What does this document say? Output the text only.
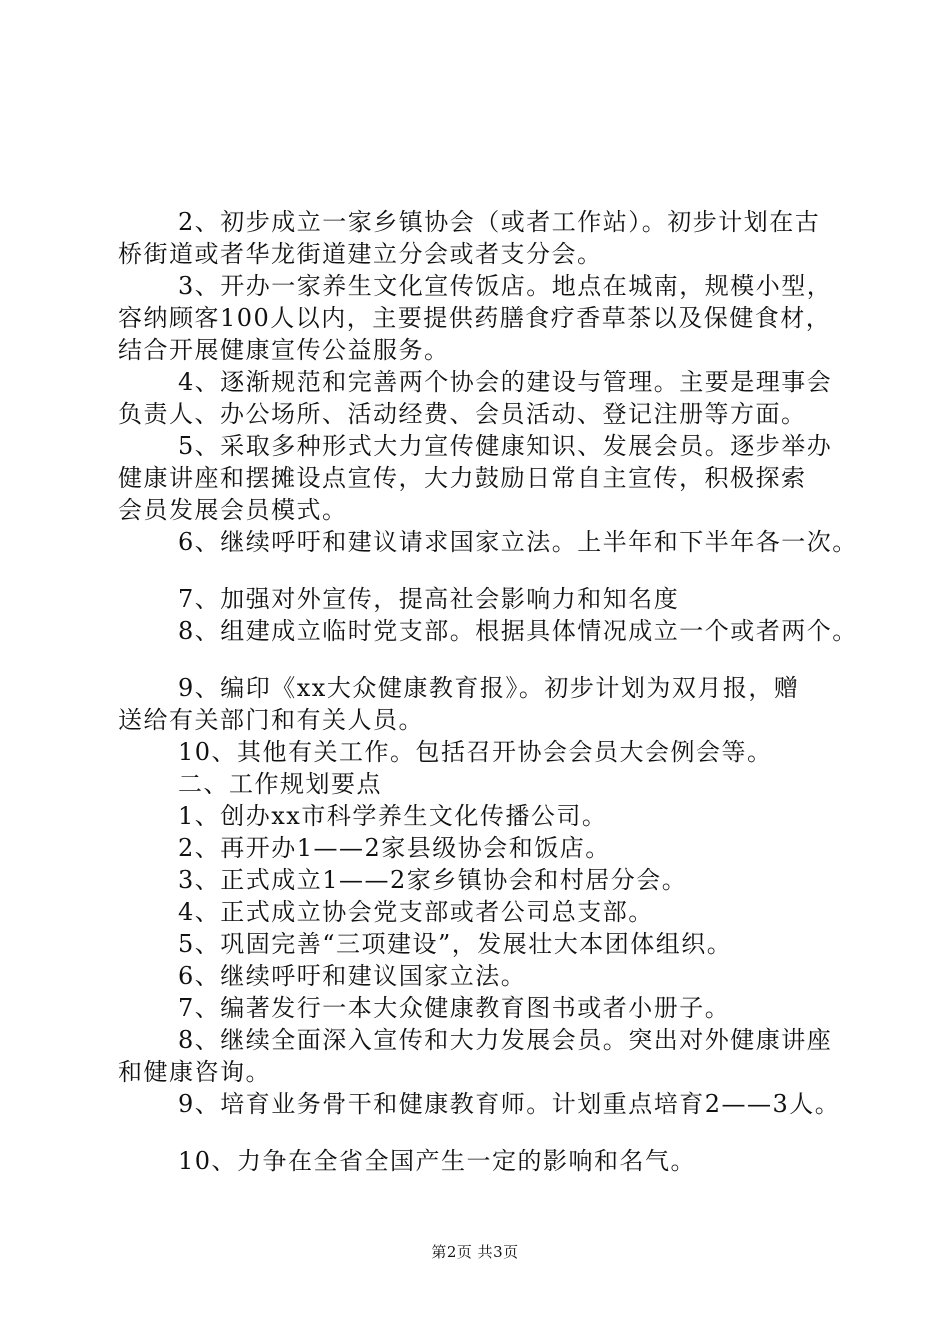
2、初步成立一家乡镇协会（或者工作站）。初步计划在古
桥街道或者华龙街道建立分会或者支分会。
3、开办一家养生文化宣传饭店。地点在城南，规模小型，
容纳顾客100人以内，主要提供药膳食疗香草茶以及保健食材，
结合开展健康宣传公益服务。
4、逐渐规范和完善两个协会的建设与管理。主要是理事会
负责人、办公场所、活动经费、会员活动、登记注册等方面。
5、采取多种形式大力宣传健康知识、发展会员。逐步举办
健康讲座和摆摊设点宣传，大力鼓励日常自主宣传，积极探索
会员发展会员模式。
6、继续呼吁和建议请求国家立法。上半年和下半年各一次。
7、加强对外宣传，提高社会影响力和知名度
8、组建成立临时党支部。根据具体情况成立一个或者两个。
9、编印《xx大众健康教育报》。初步计划为双月报，赠
送给有关部门和有关人员。
10、其他有关工作。包括召开协会会员大会例会等。
二、工作规划要点
1、创办xx市科学养生文化传播公司。
2、再开办1——2家县级协会和饭店。
3、正式成立1——2家乡镇协会和村居分会。
4、正式成立协会党支部或者公司总支部。
5、巩固完善“三项建设”，发展壮大本团体组织。
6、继续呼吁和建议国家立法。
7、编著发行一本大众健康教育图书或者小册子。
8、继续全面深入宣传和大力发展会员。突出对外健康讲座
和健康咨询。
9、培育业务骨干和健康教育师。计划重点培育2——3人。
10、力争在全省全国产生一定的影响和名气。
第2页 共3页
